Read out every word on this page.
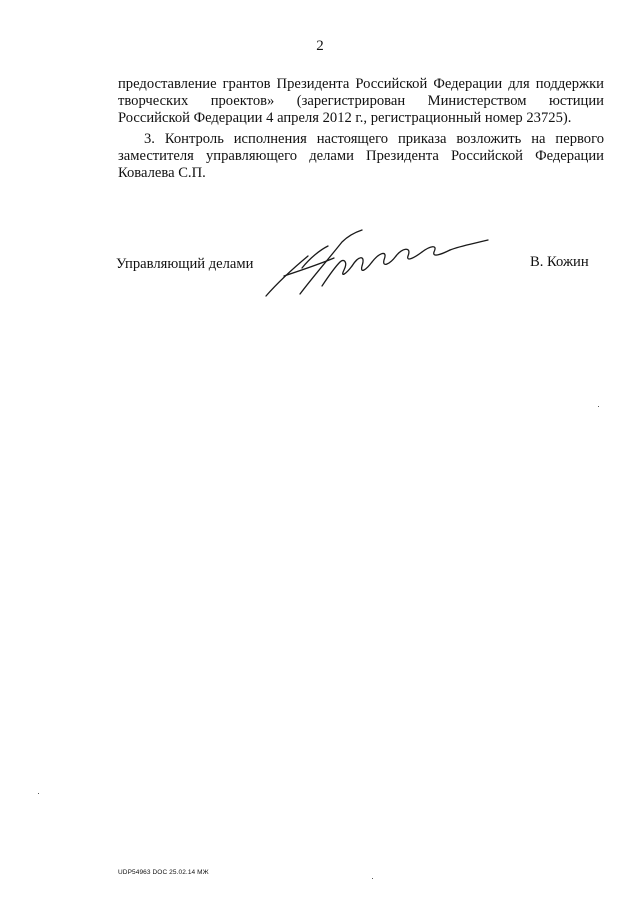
2
предоставление грантов Президента Российской Федерации для поддержки творческих проектов» (зарегистрирован Министерством юстиции Российской Федерации 4 апреля 2012 г., регистрационный номер 23725).
3. Контроль исполнения настоящего приказа возложить на первого заместителя управляющего делами Президента Российской Федерации Ковалева С.П.
Управляющий делами	В. Кожин
UDP54963 DOC 25.02.14 МЖ
